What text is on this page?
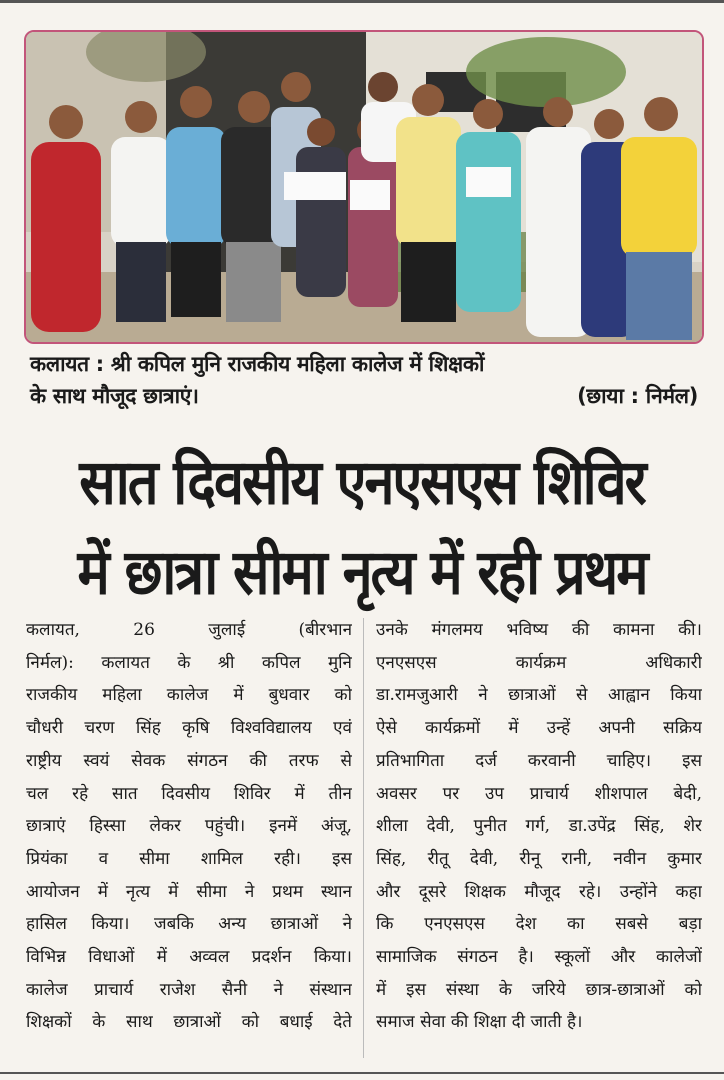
कलायत : श्री कपिल मुनि राजकीय महिला कालेज में शिक्षकों
के साथ मौजूद छात्राएं।	(छाया : निर्मल)
सात दिवसीय एनएसएस शिविर
में छात्रा सीमा नृत्य में रही प्रथम

कलायत, 26 जुलाई (बीरभान

निर्मल): कलायत के श्री कपिल मुनि

राजकीय महिला कालेज में बुधवार को

चौधरी चरण सिंह कृषि विश्वविद्यालय एवं

राष्ट्रीय स्वयं सेवक संगठन की तरफ से

चल रहे सात दिवसीय शिविर में तीन

छात्राएं हिस्सा लेकर पहुंची। इनमें अंजू,

प्रियंका व सीमा शामिल रही। इस

आयोजन में नृत्य में सीमा ने प्रथम स्थान

हासिल किया। जबकि अन्य छात्राओं ने

विभिन्न विधाओं में अव्वल प्रदर्शन किया।

कालेज प्राचार्य राजेश सैनी ने संस्थान

शिक्षकों के साथ छात्राओं को बधाई देते

उनके मंगलमय भविष्य की कामना की।

एनएसएस कार्यक्रम अधिकारी

डा.रामजुआरी ने छात्राओं से आह्वान किया

ऐसे कार्यक्रमों में उन्हें अपनी सक्रिय

प्रतिभागिता दर्ज करवानी चाहिए। इस

अवसर पर उप प्राचार्य शीशपाल बेदी,

शीला देवी, पुनीत गर्ग, डा.उपेंद्र सिंह, शेर

सिंह, रीतू देवी, रीनू रानी, नवीन कुमार

और दूसरे शिक्षक मौजूद रहे। उन्होंने कहा

कि एनएसएस देश का सबसे बड़ा

सामाजिक संगठन है। स्कूलों और कालेजों

में इस संस्था के जरिये छात्र-छात्राओं को

समाज सेवा की शिक्षा दी जाती है।
